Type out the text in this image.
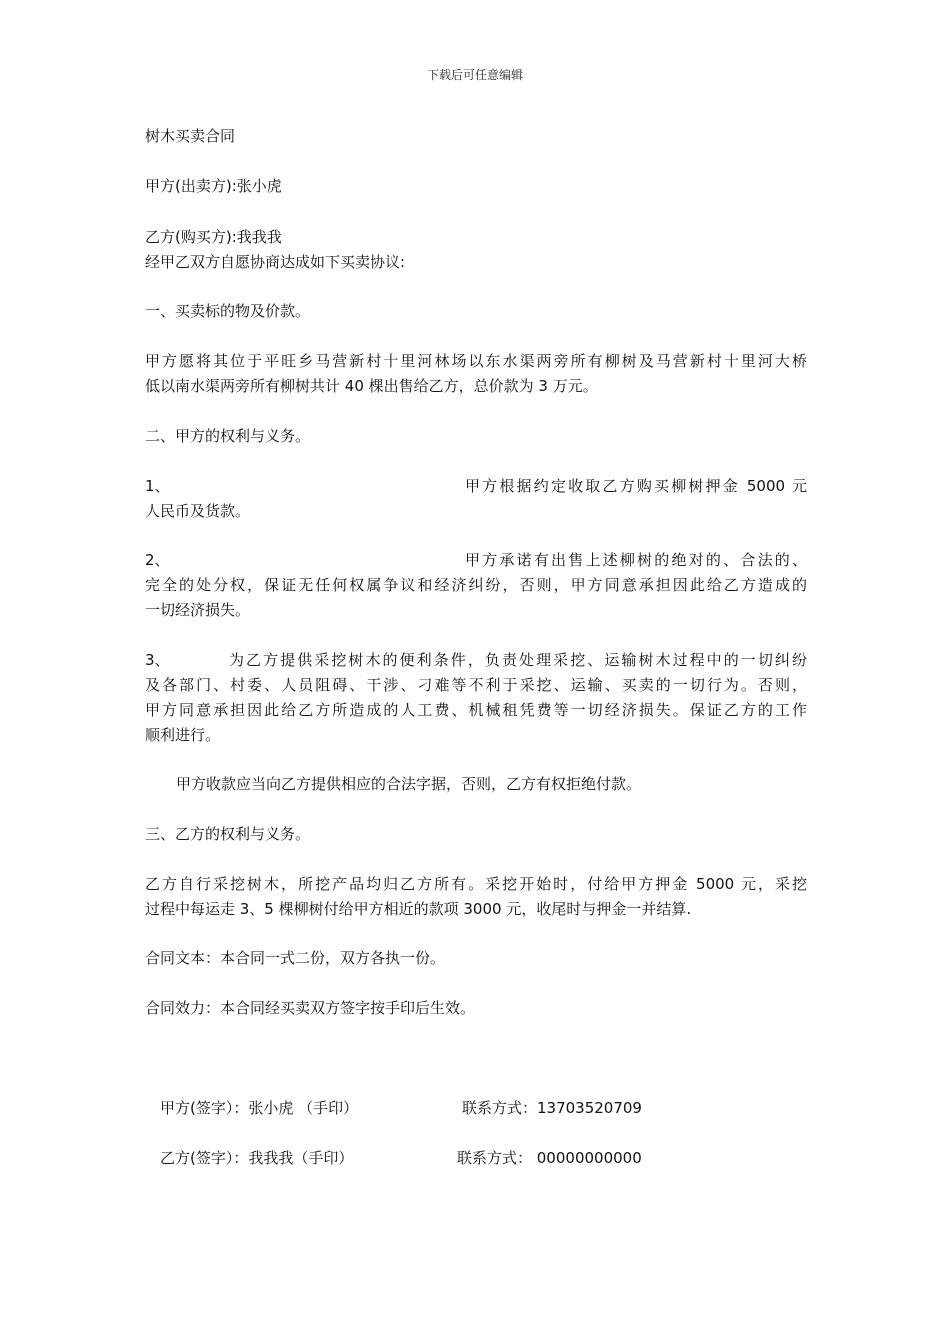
下载后可任意编辑
树木买卖合同
甲方(出卖方):张小虎
乙方(购买方):我我我
经甲乙双方自愿协商达成如下买卖协议:
一、买卖标的物及价款。
甲方愿将其位于平旺乡马营新村十里河林场以东水渠两旁所有柳树及马营新村十里河大桥
低以南水渠两旁所有柳树共计 40 棵出售给乙方，总价款为 3 万元。
二、甲方的权利与义务。
1、	甲方根据约定收取乙方购买柳树押金 5000 元
人民币及货款。
2、	甲方承诺有出售上述柳树的绝对的、合法的、
完全的处分权，保证无任何权属争议和经济纠纷，否则，甲方同意承担因此给乙方造成的
一切经济损失。
3、	为乙方提供采挖树木的便利条件，负责处理采挖、运输树木过程中的一切纠纷
及各部门、村委、人员阻碍、干涉、刁难等不利于采挖、运输、买卖的一切行为。否则，
甲方同意承担因此给乙方所造成的人工费、机械租凭费等一切经济损失。保证乙方的工作
顺利进行。
甲方收款应当向乙方提供相应的合法字据，否则，乙方有权拒绝付款。
三、乙方的权利与义务。
乙方自行采挖树木，所挖产品均归乙方所有。采挖开始时，付给甲方押金 5000 元，采挖
过程中每运走 3、5 棵柳树付给甲方相近的款项 3000 元，收尾时与押金一并结算.
合同文本：本合同一式二份，双方各执一份。
合同效力：本合同经买卖双方签字按手印后生效。
甲方(签字）：张小虎 （手印）	联系方式：13703520709
乙方(签字）：我我我（手印）	联系方式： 00000000000
